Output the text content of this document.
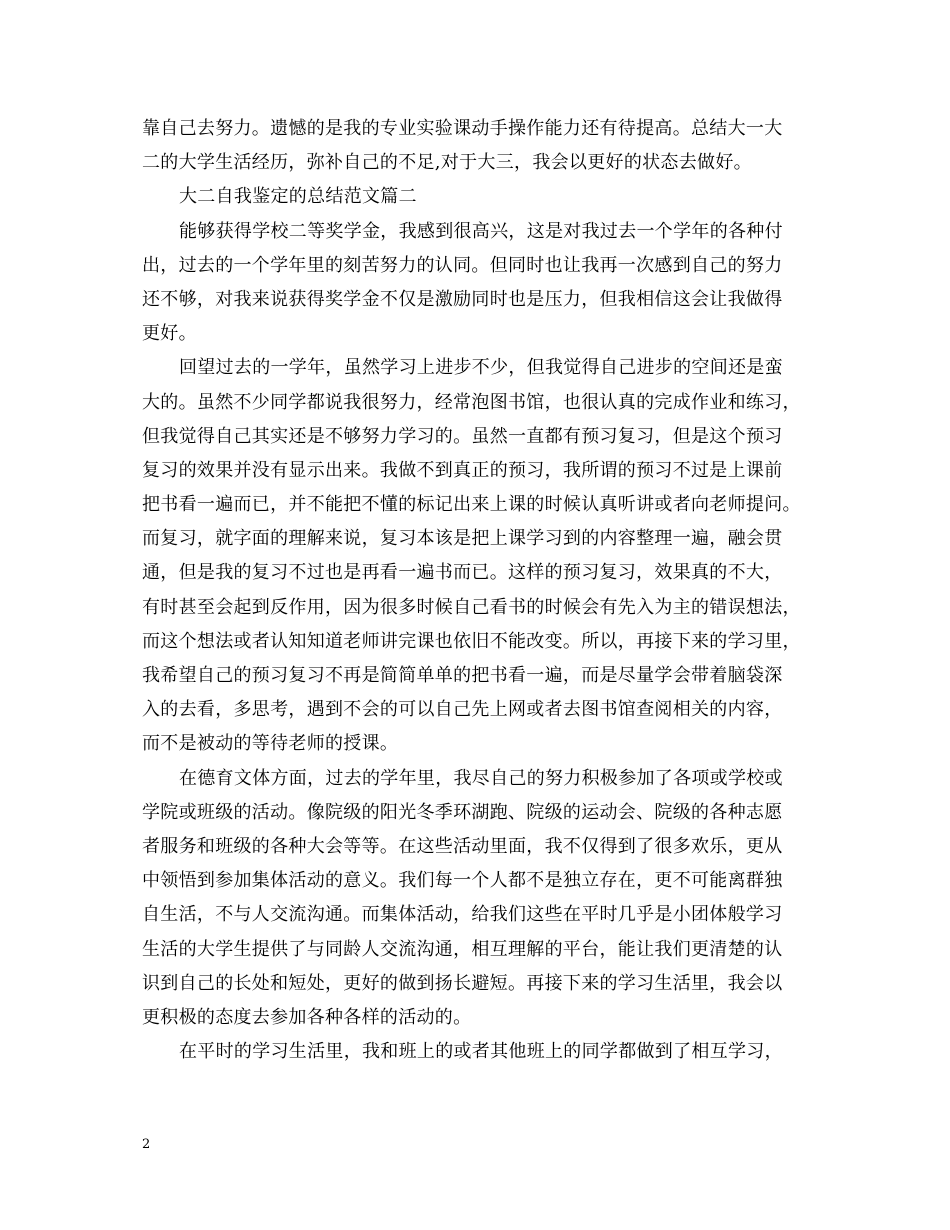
靠自己去努力。遗憾的是我的专业实验课动手操作能力还有待提高。总结大一大
二的大学生活经历，弥补自己的不足,对于大三，我会以更好的状态去做好。
大二自我鉴定的总结范文篇二
能够获得学校二等奖学金，我感到很高兴，这是对我过去一个学年的各种付
出，过去的一个学年里的刻苦努力的认同。但同时也让我再一次感到自己的努力
还不够，对我来说获得奖学金不仅是激励同时也是压力，但我相信这会让我做得
更好。
回望过去的一学年，虽然学习上进步不少，但我觉得自己进步的空间还是蛮
大的。虽然不少同学都说我很努力，经常泡图书馆，也很认真的完成作业和练习，
但我觉得自己其实还是不够努力学习的。虽然一直都有预习复习，但是这个预习
复习的效果并没有显示出来。我做不到真正的预习，我所谓的预习不过是上课前
把书看一遍而已，并不能把不懂的标记出来上课的时候认真听讲或者向老师提问。
而复习，就字面的理解来说，复习本该是把上课学习到的内容整理一遍，融会贯
通，但是我的复习不过也是再看一遍书而已。这样的预习复习，效果真的不大，
有时甚至会起到反作用，因为很多时候自己看书的时候会有先入为主的错误想法，
而这个想法或者认知知道老师讲完课也依旧不能改变。所以，再接下来的学习里，
我希望自己的预习复习不再是简简单单的把书看一遍，而是尽量学会带着脑袋深
入的去看，多思考，遇到不会的可以自己先上网或者去图书馆查阅相关的内容，
而不是被动的等待老师的授课。
在德育文体方面，过去的学年里，我尽自己的努力积极参加了各项或学校或
学院或班级的活动。像院级的阳光冬季环湖跑、院级的运动会、院级的各种志愿
者服务和班级的各种大会等等。在这些活动里面，我不仅得到了很多欢乐，更从
中领悟到参加集体活动的意义。我们每一个人都不是独立存在，更不可能离群独
自生活，不与人交流沟通。而集体活动，给我们这些在平时几乎是小团体般学习
生活的大学生提供了与同龄人交流沟通，相互理解的平台，能让我们更清楚的认
识到自己的长处和短处，更好的做到扬长避短。再接下来的学习生活里，我会以
更积极的态度去参加各种各样的活动的。
在平时的学习生活里，我和班上的或者其他班上的同学都做到了相互学习，
2
